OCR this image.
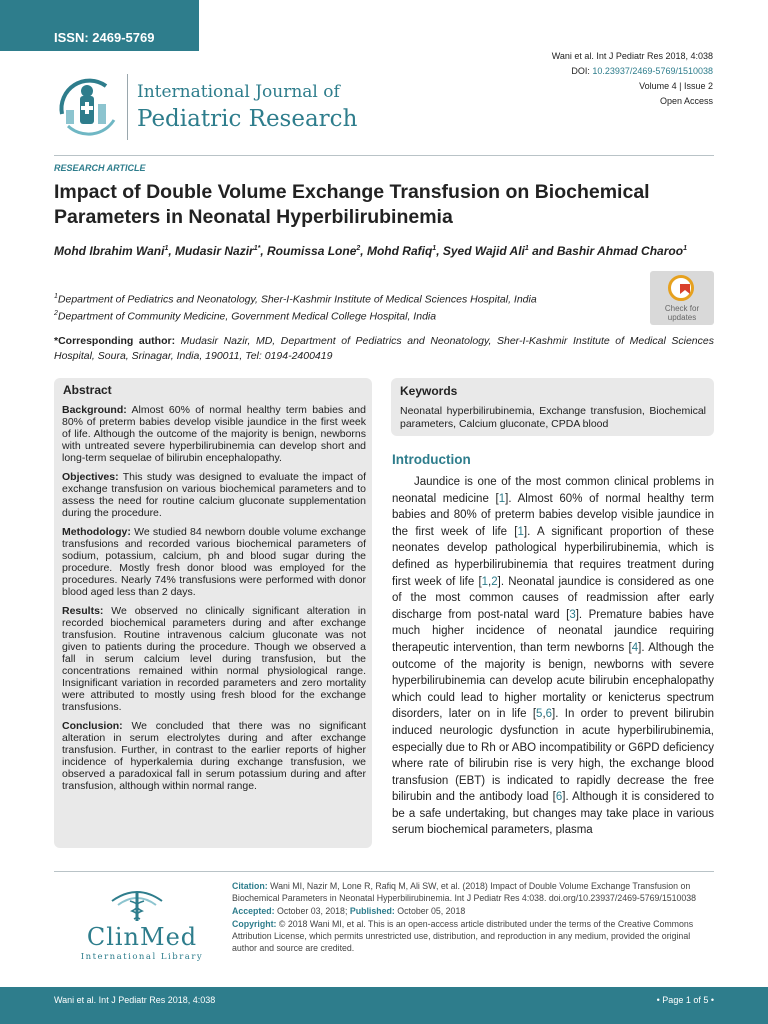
ISSN: 2469-5769
International Journal of
Pediatric Research
Wani et al. Int J Pediatr Res 2018, 4:038
DOI: 10.23937/2469-5769/1510038
Volume 4 | Issue 2
Open Access
RESEARCH ARTICLE
Impact of Double Volume Exchange Transfusion on Biochemical Parameters in Neonatal Hyperbilirubinemia
Mohd Ibrahim Wani$^1$, Mudasir Nazir$^{1*}$, Roumissa Lone$^2$, Mohd Rafiq$^1$, Syed Wajid Ali$^1$ and Bashir Ahmad Charoo$^1$
$^1$Department of Pediatrics and Neonatology, Sher-I-Kashmir Institute of Medical Sciences Hospital, India
$^2$Department of Community Medicine, Government Medical College Hospital, India
Check for
updates
*Corresponding author: Mudasir Nazir, MD, Department of Pediatrics and Neonatology, Sher-I-Kashmir Institute of Medical Sciences Hospital, Soura, Srinagar, India, 190011, Tel: 0194-2400419
Abstract

Background: Almost 60% of normal healthy term babies and 80% of preterm babies develop visible jaundice in the first week of life. Although the outcome of the majority is benign, newborns with untreated severe hyperbilirubinemia can develop short and long-term sequelae of bilirubin encephalopathy.

Objectives: This study was designed to evaluate the impact of exchange transfusion on various biochemical parameters and to assess the need for routine calcium gluconate supplementation during the procedure.

Methodology: We studied 84 newborn double volume exchange transfusions and recorded various biochemical parameters of sodium, potassium, calcium, ph and blood sugar during the procedure. Mostly fresh donor blood was employed for the procedures. Nearly 74% transfusions were performed with donor blood aged less than 2 days.

Results: We observed no clinically significant alteration in recorded biochemical parameters during and after exchange transfusion. Routine intravenous calcium gluconate was not given to patients during the procedure. Though we observed a fall in serum calcium level during transfusion, but the concentrations remained within normal physiological range. Insignificant variation in recorded parameters and zero mortality were attributed to mostly using fresh blood for the exchange transfusions.

Conclusion: We concluded that there was no significant alteration in serum electrolytes during and after exchange transfusion. Further, in contrast to the earlier reports of higher incidence of hyperkalemia during exchange transfusion, we observed a paradoxical fall in serum potassium during and after transfusion, although within normal range.

Keywords
Neonatal hyperbilirubinemia, Exchange transfusion, Biochemical parameters, Calcium gluconate, CPDA blood
Introduction

Jaundice is one of the most common clinical problems in neonatal medicine [1]. Almost 60% of normal healthy term babies and 80% of preterm babies develop visible jaundice in the first week of life [1]. A significant proportion of these neonates develop pathological hyperbilirubinemia, which is defined as hyperbilirubinemia that requires treatment during first week of life [1,2]. Neonatal jaundice is considered as one of the most common causes of readmission after early discharge from post-natal ward [3]. Premature babies have much higher incidence of neonatal jaundice requiring therapeutic intervention, than term newborns [4]. Although the outcome of the majority is benign, newborns with severe hyperbilirubinemia can develop acute bilirubin encephalopathy which could lead to higher mortality or kenicterus spectrum disorders, later on in life [5,6]. In order to prevent bilirubin induced neurologic dysfunction in acute hyperbilirubinemia, especially due to Rh or ABO incompatibility or G6PD deficiency where rate of bilirubin rise is very high, the exchange blood transfusion (EBT) is indicated to rapidly decrease the free bilirubin and the antibody load [6]. Although it is considered to be a safe undertaking, but changes may take place in various serum biochemical parameters, plasma

ClinMed
International Library

Citation: Wani MI, Nazir M, Lone R, Rafiq M, Ali SW, et al. (2018) Impact of Double Volume Exchange Transfusion on Biochemical Parameters in Neonatal Hyperbilirubinemia. Int J Pediatr Res 4:038. doi.org/10.23937/2469-5769/1510038

Accepted: October 03, 2018; Published: October 05, 2018

Copyright: © 2018 Wani MI, et al. This is an open-access article distributed under the terms of the Creative Commons Attribution License, which permits unrestricted use, distribution, and reproduction in any medium, provided the original author and source are credited.

Wani et al. Int J Pediatr Res 2018, 4:038	• Page 1 of 5 •
